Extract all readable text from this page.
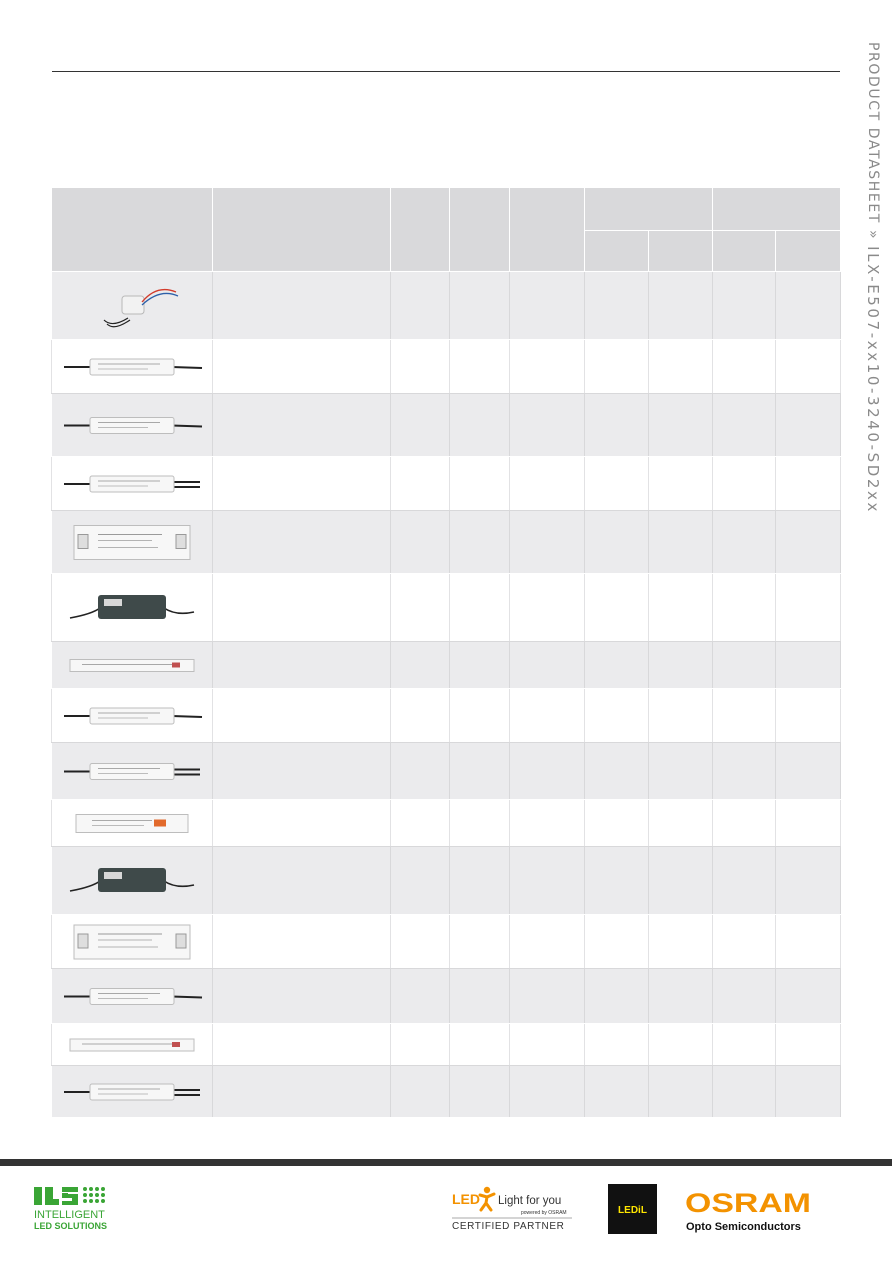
PRODUCT DATASHEET»ILX-E507-xx10-3240-SD2xx

INTELLIGENT
LED SOLUTIONS
LED Light for you
powered by OSRAM
CERTIFIED PARTNER
LEDiL OSRAM
Opto Semiconductors
